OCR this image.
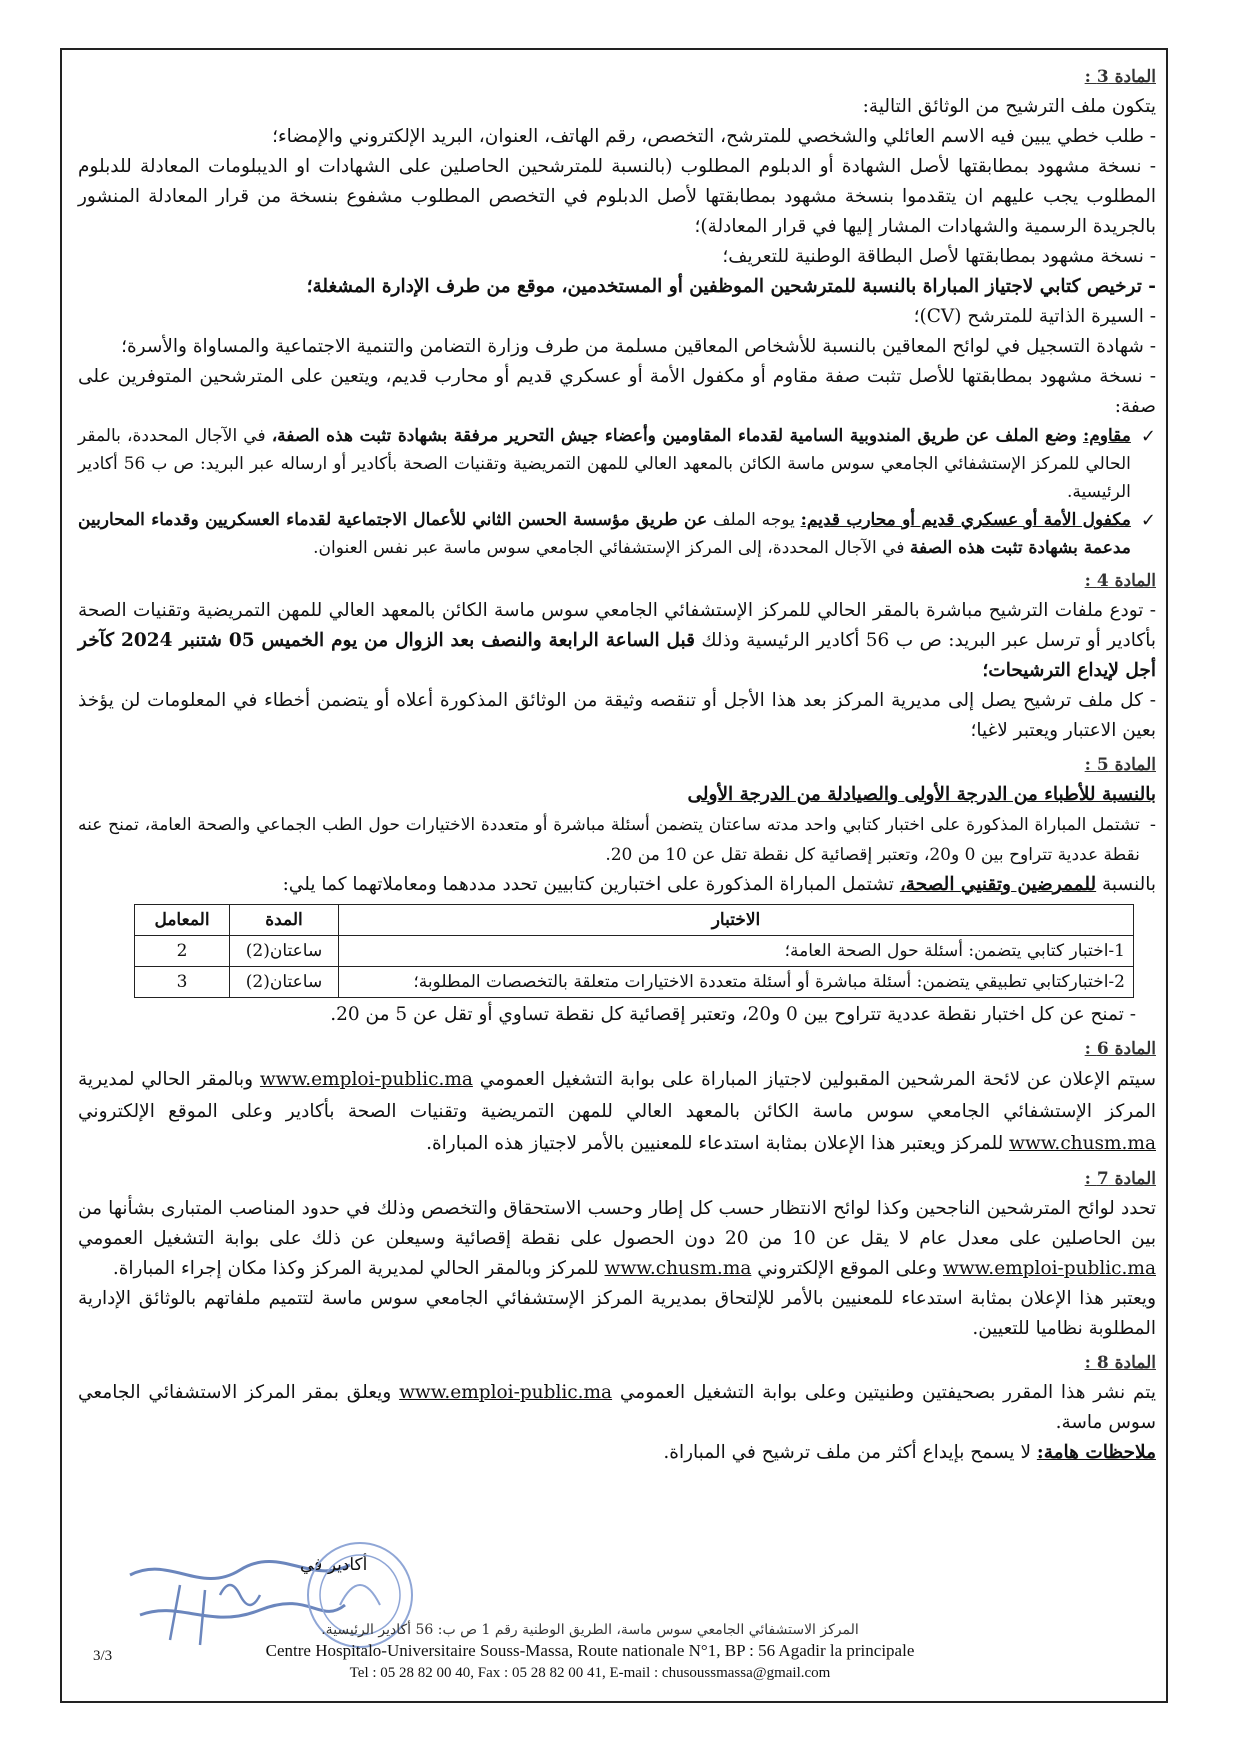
المادة 3 :

يتكون ملف الترشيح من الوثائق التالية:

- طلب خطي يبين فيه الاسم العائلي والشخصي للمترشح، التخصص، رقم الهاتف، العنوان، البريد الإلكتروني والإمضاء؛

- نسخة مشهود بمطابقتها لأصل الشهادة أو الدبلوم المطلوب (بالنسبة للمترشحين الحاصلين على الشهادات او الديبلومات المعادلة للدبلوم المطلوب يجب عليهم ان يتقدموا بنسخة مشهود بمطابقتها لأصل الدبلوم في التخصص المطلوب مشفوع بنسخة من قرار المعادلة المنشور بالجريدة الرسمية والشهادات المشار إليها في قرار المعادلة)؛

- نسخة مشهود بمطابقتها لأصل البطاقة الوطنية للتعريف؛

- ترخيص كتابي لاجتياز المباراة بالنسبة للمترشحين الموظفين أو المستخدمين، موقع من طرف الإدارة المشغلة؛

- السيرة الذاتية للمترشح (CV)؛

- شهادة التسجيل في لوائح المعاقين بالنسبة للأشخاص المعاقين مسلمة من طرف وزارة التضامن والتنمية الاجتماعية والمساواة والأسرة؛

- نسخة مشهود بمطابقتها للأصل تثبت صفة مقاوم أو مكفول الأمة أو عسكري قديم أو محارب قديم، ويتعين على المترشحين المتوفرين على صفة:

✓
مقاوم: وضع الملف عن طريق المندوبية السامية لقدماء المقاومين وأعضاء جيش التحرير مرفقة بشهادة تثبت هذه الصفة، في الآجال المحددة، بالمقر الحالي للمركز الإستشفائي الجامعي سوس ماسة الكائن بالمعهد العالي للمهن التمريضية وتقنيات الصحة بأكادير أو ارساله عبر البريد: ص ب 56 أكادير الرئيسية.
✓
مكفول الأمة أو عسكري قديم أو محارب قديم: يوجه الملف عن طريق مؤسسة الحسن الثاني للأعمال الاجتماعية لقدماء العسكريين وقدماء المحاربين مدعمة بشهادة تثبت هذه الصفة في الآجال المحددة، إلى المركز الإستشفائي الجامعي سوس ماسة عبر نفس العنوان.
المادة 4 :

- تودع ملفات الترشيح مباشرة بالمقر الحالي للمركز الإستشفائي الجامعي سوس ماسة الكائن بالمعهد العالي للمهن التمريضية وتقنيات الصحة بأكادير أو ترسل عبر البريد: ص ب 56 أكادير الرئيسية وذلك قبل الساعة الرابعة والنصف بعد الزوال من يوم الخميس 05 شتنبر 2024 كآخر أجل لإيداع الترشيحات؛

- كل ملف ترشيح يصل إلى مديرية المركز بعد هذا الأجل أو تنقصه وثيقة من الوثائق المذكورة أعلاه أو يتضمن أخطاء في المعلومات لن يؤخذ بعين الاعتبار ويعتبر لاغيا؛

المادة 5 :

بالنسبة للأطباء من الدرجة الأولى والصيادلة من الدرجة الأولى

-
تشتمل المباراة المذكورة على اختبار كتابي واحد مدته ساعتان يتضمن أسئلة مباشرة أو متعددة الاختيارات حول الطب الجماعي والصحة العامة، تمنح عنه نقطة عددية تتراوح بين 0 و20، وتعتبر إقصائية كل نقطة تقل عن 10 من 20.

بالنسبة للممرضين وتقنيي الصحة، تشتمل المباراة المذكورة على اختبارين كتابيين تحدد مددهما ومعاملاتهما كما يلي:

الاختبار	المدة	المعامل
1-اختبار كتابي يتضمن: أسئلة حول الصحة العامة؛	ساعتان(2)	2
2-اختباركتابي تطبيقي يتضمن: أسئلة مباشرة أو أسئلة متعددة الاختيارات متعلقة بالتخصصات المطلوبة؛	ساعتان(2)	3

- تمنح عن كل اختبار نقطة عددية تتراوح بين 0 و20، وتعتبر إقصائية كل نقطة تساوي أو تقل عن 5 من 20.

المادة 6 :

سيتم الإعلان عن لائحة المرشحين المقبولين لاجتياز المباراة على بوابة التشغيل العمومي www.emploi-public.ma وبالمقر الحالي لمديرية المركز الإستشفائي الجامعي سوس ماسة الكائن بالمعهد العالي للمهن التمريضية وتقنيات الصحة بأكادير وعلى الموقع الإلكتروني www.chusm.ma للمركز ويعتبر هذا الإعلان بمثابة استدعاء للمعنيين بالأمر لاجتياز هذه المباراة.

المادة 7 :

تحدد لوائح المترشحين الناجحين وكذا لوائح الانتظار حسب كل إطار وحسب الاستحقاق والتخصص وذلك في حدود المناصب المتبارى بشأنها من بين الحاصلين على معدل عام لا يقل عن 10 من 20 دون الحصول على نقطة إقصائية وسيعلن عن ذلك على بوابة التشغيل العمومي www.emploi-public.ma وعلى الموقع الإلكتروني www.chusm.ma للمركز وبالمقر الحالي لمديرية المركز وكذا مكان إجراء المباراة.

ويعتبر هذا الإعلان بمثابة استدعاء للمعنيين بالأمر للإلتحاق بمديرية المركز الإستشفائي الجامعي سوس ماسة لتتميم ملفاتهم بالوثائق الإدارية المطلوبة نظاميا للتعيين.

المادة 8 :

يتم نشر هذا المقرر بصحيفتين وطنيتين وعلى بوابة التشغيل العمومي www.emploi-public.ma ويعلق بمقر المركز الاستشفائي الجامعي سوس ماسة.

ملاحظات هامة: لا يسمح بإيداع أكثر من ملف ترشيح في المباراة.

أكادير في
المركز الاستشفائي الجامعي سوس ماسة، الطريق الوطنية رقم 1 ص ب: 56 أكادير الرئيسية.
Centre Hospitalo-Universitaire Souss-Massa, Route nationale N°1, BP : 56 Agadir la principale
Tel : 05 28 82 00 40, Fax : 05 28 82 00 41, E-mail : chusoussmassa@gmail.com
3/3
